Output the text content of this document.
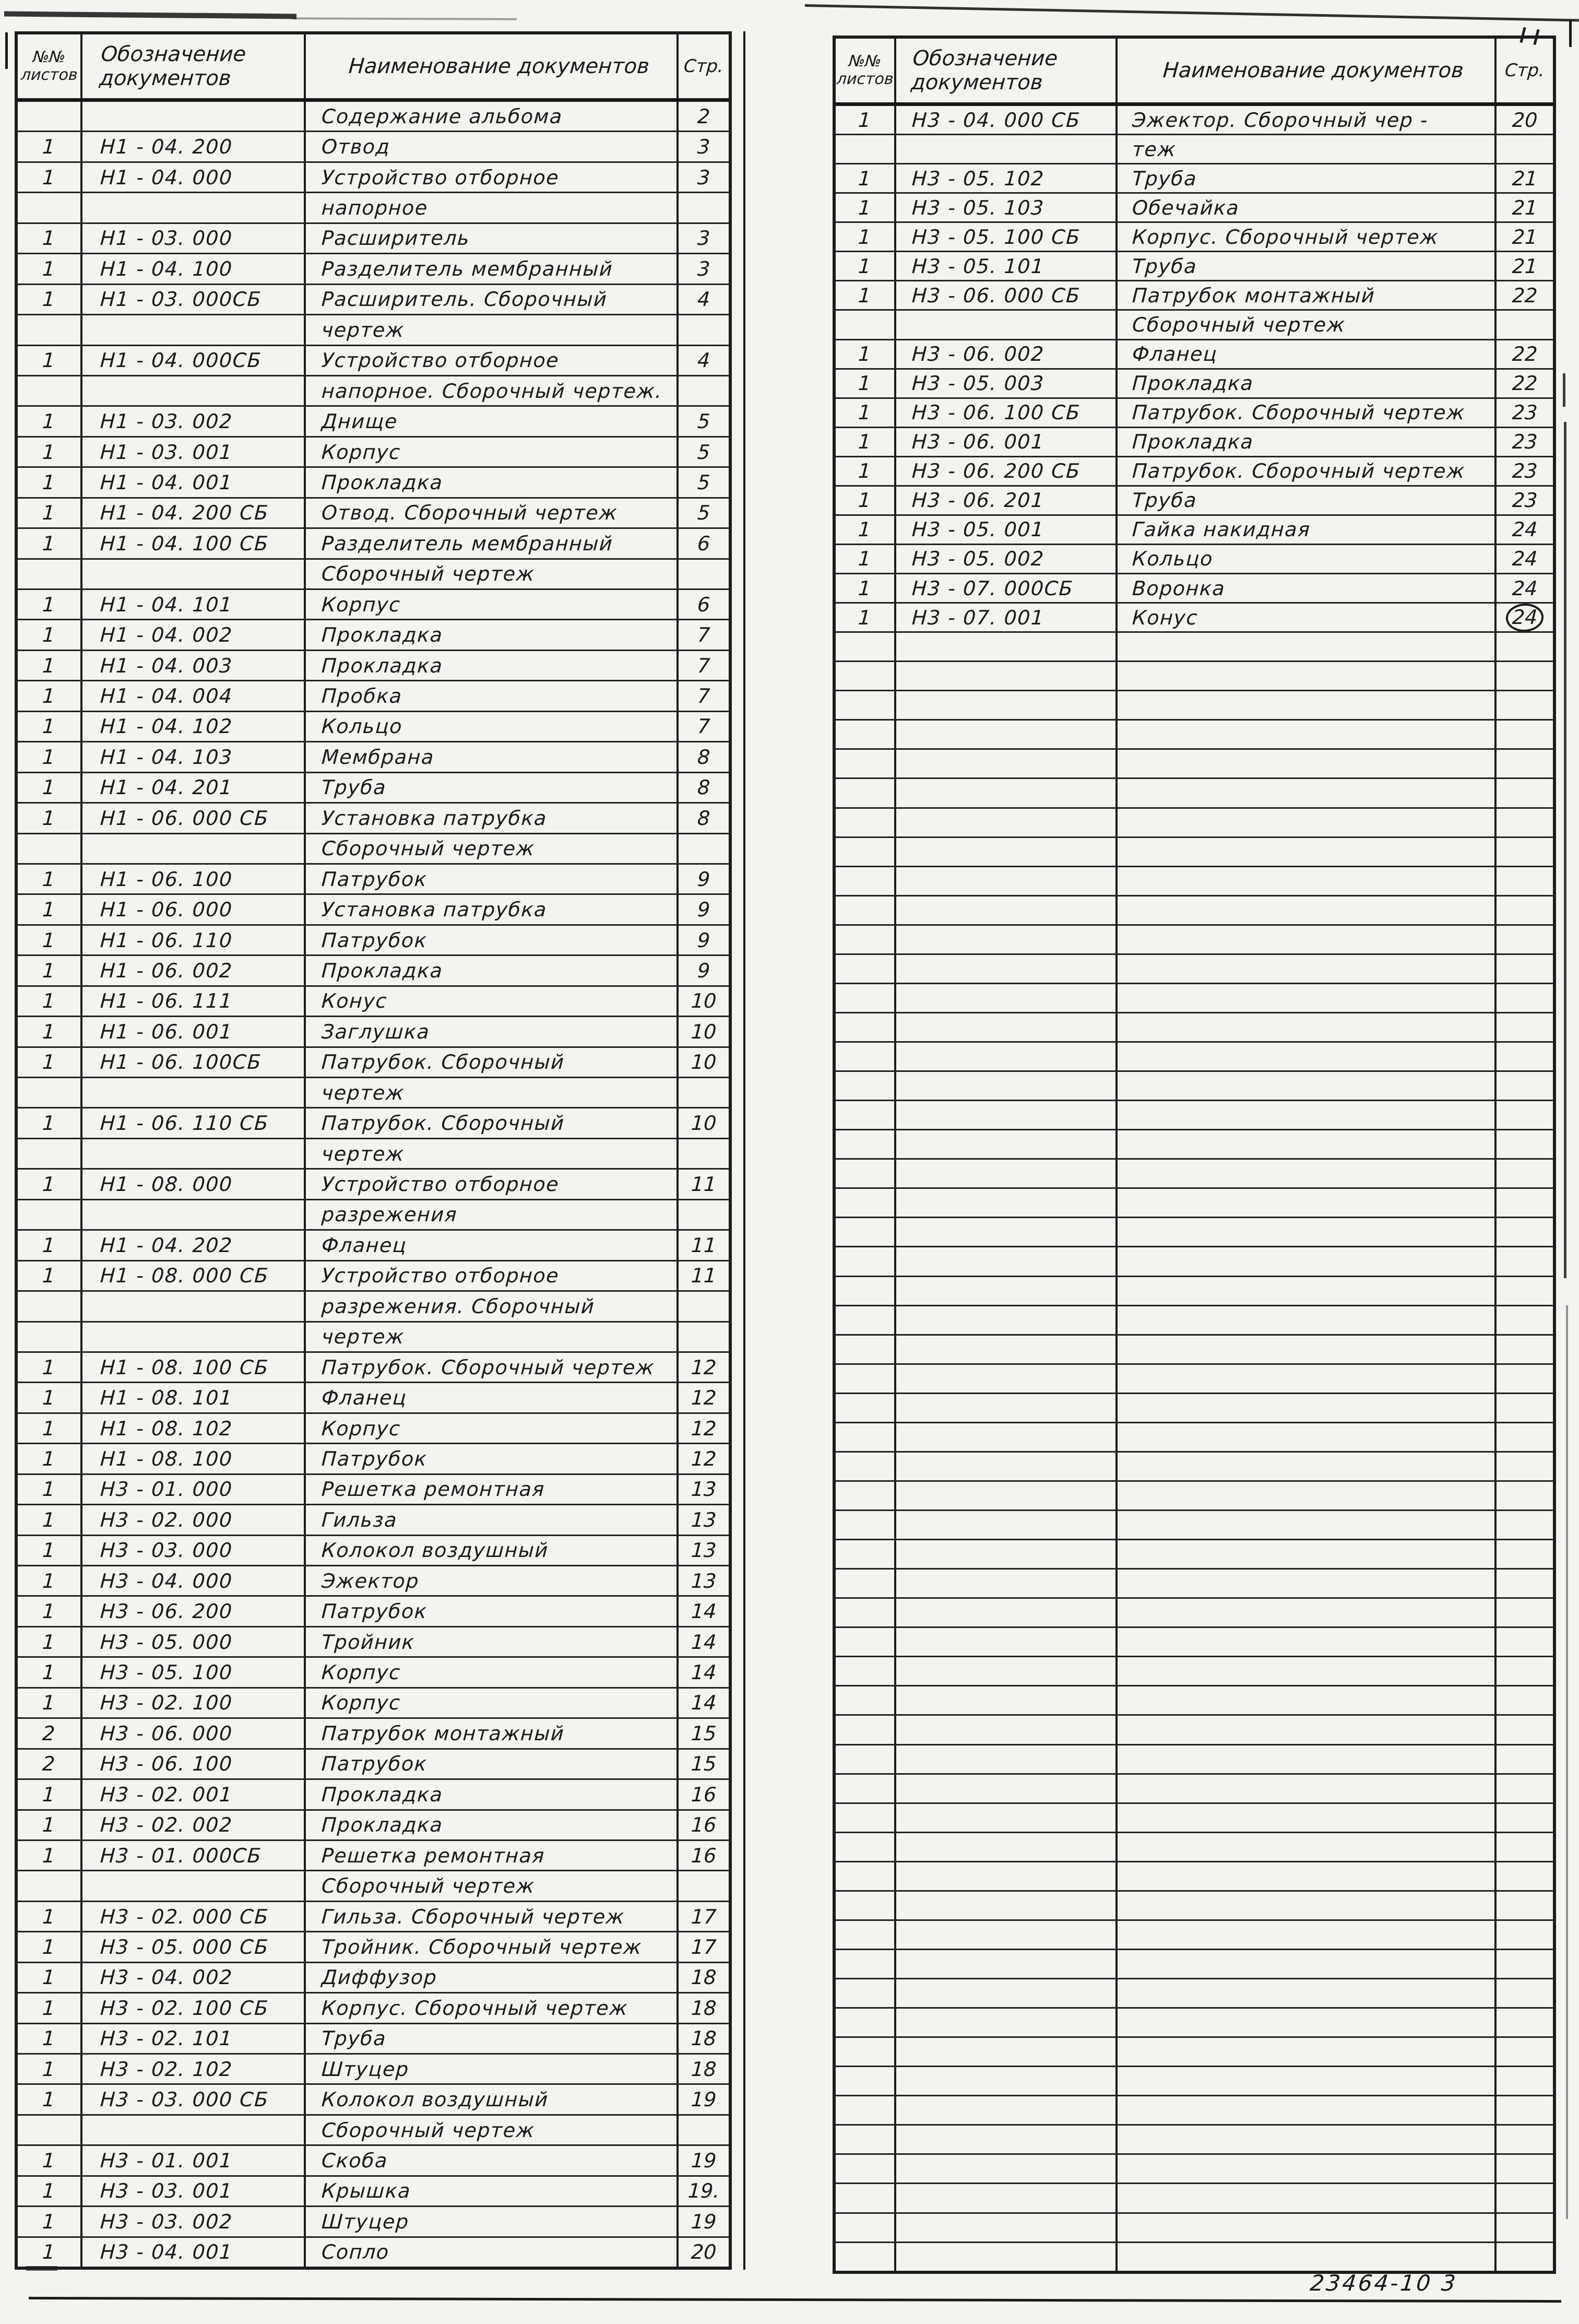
№№
листов
Обозначение документов	Наименование документов Стр.
Содержание альбома	2
1 Н1 - 04. 200	Отвод	3
1 Н1 - 04. 000	Устройство отборное	3
напорное
1 Н1 - 03. 000	Расширитель	3
1 Н1 - 04. 100	Разделитель мембранный	3
1 Н1 - 03. 000СБ	Расширитель. Сборочный	4
чертеж
1 Н1 - 04. 000СБ	Устройство отборное	4
напорное. Сборочный чертеж.
1 Н1 - 03. 002	Днище	5
1 Н1 - 03. 001	Корпус	5
1 Н1 - 04. 001	Прокладка	5
1 Н1 - 04. 200 СБ	Отвод. Сборочный чертеж	5
1 Н1 - 04. 100 СБ	Разделитель мембранный	6
Сборочный чертеж
1 Н1 - 04. 101	Корпус	6
1 Н1 - 04. 002	Прокладка	7
1 Н1 - 04. 003	Прокладка	7
1 Н1 - 04. 004	Пробка	7
1 Н1 - 04. 102	Кольцо	7
1 Н1 - 04. 103	Мембрана	8
1 Н1 - 04. 201	Труба	8
1 Н1 - 06. 000 СБ	Установка патрубка	8
Сборочный чертеж
1 Н1 - 06. 100	Патрубок	9
1 Н1 - 06. 000	Установка патрубка	9
1 Н1 - 06. 110	Патрубок	9
1 Н1 - 06. 002	Прокладка	9
1 Н1 - 06. 111	Конус	10
1 Н1 - 06. 001	Заглушка	10
1 Н1 - 06. 100СБ	Патрубок. Сборочный	10
чертеж
1 Н1 - 06. 110 СБ	Патрубок. Сборочный	10
чертеж
1 Н1 - 08. 000	Устройство отборное	11
разрежения
1 Н1 - 04. 202	Фланец	11
1 Н1 - 08. 000 СБ	Устройство отборное	11
разрежения. Сборочный
чертеж
1 Н1 - 08. 100 СБ	Патрубок. Сборочный чертеж 12
1 Н1 - 08. 101	Фланец	12
1 Н1 - 08. 102	Корпус	12
1 Н1 - 08. 100	Патрубок	12
1 Н3 - 01. 000	Решетка ремонтная	13
1 Н3 - 02. 000	Гильза	13
1 Н3 - 03. 000	Колокол воздушный	13
1 Н3 - 04. 000	Эжектор	13
1 Н3 - 06. 200	Патрубок	14
1 Н3 - 05. 000	Тройник	14
1 Н3 - 05. 100	Корпус	14
1 Н3 - 02. 100	Корпус	14
2 Н3 - 06. 000	Патрубок монтажный	15
2 Н3 - 06. 100	Патрубок	15
1 Н3 - 02. 001	Прокладка	16
1 Н3 - 02. 002	Прокладка	16
1 Н3 - 01. 000СБ	Решетка ремонтная	16
Сборочный чертеж
1 Н3 - 02. 000 СБ	Гильза. Сборочный чертеж	17
1 Н3 - 05. 000 СБ	Тройник. Сборочный чертеж 17
1 Н3 - 04. 002	Диффузор	18
1 Н3 - 02. 100 СБ	Корпус. Сборочный чертеж	18
1 Н3 - 02. 101	Труба	18
1 Н3 - 02. 102	Штуцер	18
1 Н3 - 03. 000 СБ	Колокол воздушный	19
Сборочный чертеж
1 Н3 - 01. 001	Скоба	19
1 Н3 - 03. 001	Крышка	19.
1 Н3 - 03. 002	Штуцер	19
1 Н3 - 04. 001	Сопло	20
№№
листов
Обозначение документов	Наименование документов Стр.
1 Н3 - 04. 000 СБ	Эжектор. Сборочный чер -	20
теж
1 Н3 - 05. 102	Труба	21
1 Н3 - 05. 103	Обечайка	21
1 Н3 - 05. 100 СБ	Корпус. Сборочный чертеж	21
1 Н3 - 05. 101	Труба	21
1 Н3 - 06. 000 СБ	Патрубок монтажный	22
Сборочный чертеж
1 Н3 - 06. 002	Фланец	22
1 Н3 - 05. 003	Прокладка	22
1 Н3 - 06. 100 СБ	Патрубок. Сборочный чертеж 23
1 Н3 - 06. 001	Прокладка	23
1 Н3 - 06. 200 СБ	Патрубок. Сборочный чертеж 23
1 Н3 - 06. 201	Труба	23
1 Н3 - 05. 001	Гайка накидная	24
1 Н3 - 05. 002	Кольцо	24
1 Н3 - 07. 000СБ	Воронка	24
1 Н3 - 07. 001	Конус	24
23464-10 3
